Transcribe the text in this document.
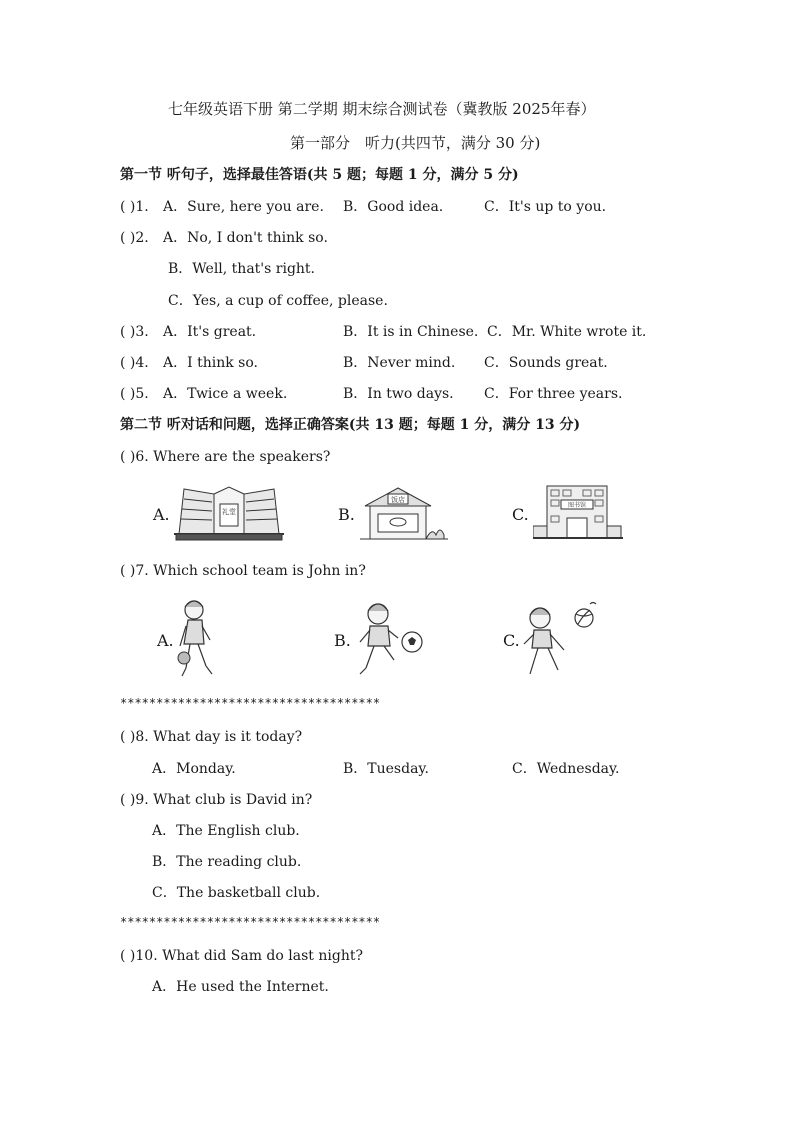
七年级英语下册 第二学期 期末综合测试卷（冀教版 2025年春）
第一部分　听力(共四节，满分 30 分)
第一节 听句子，选择最佳答语(共 5 题；每题 1 分，满分 5 分)
( )1. A．Sure, here you are. B．Good idea.	C．It's up to you.
( )2. A．No, I don't think so.
B．Well, that's right.
C．Yes, a cup of coffee, please.
( )3. A．It's great.	B．It is in Chinese. C．Mr. White wrote it.
( )4. A．I think so.	B．Never mind. C．Sounds great.
( )5. A．Twice a week.	B．In two days. C．For three years.
第二节 听对话和问题，选择正确答案(共 13 题；每题 1 分，满分 13 分)
( )6. Where are the speakers?
A.	礼堂	B.
饭店
C.	图书馆
( )7. Which school team is John in?
A.	B.	C.
************************************
( )8. What day is it today?
A．Monday.	B．Tuesday.	C．Wednesday.
( )9. What club is David in?
A．The English club.
B．The reading club.
C．The basketball club.
************************************
( )10. What did Sam do last night?
A．He used the Internet.
